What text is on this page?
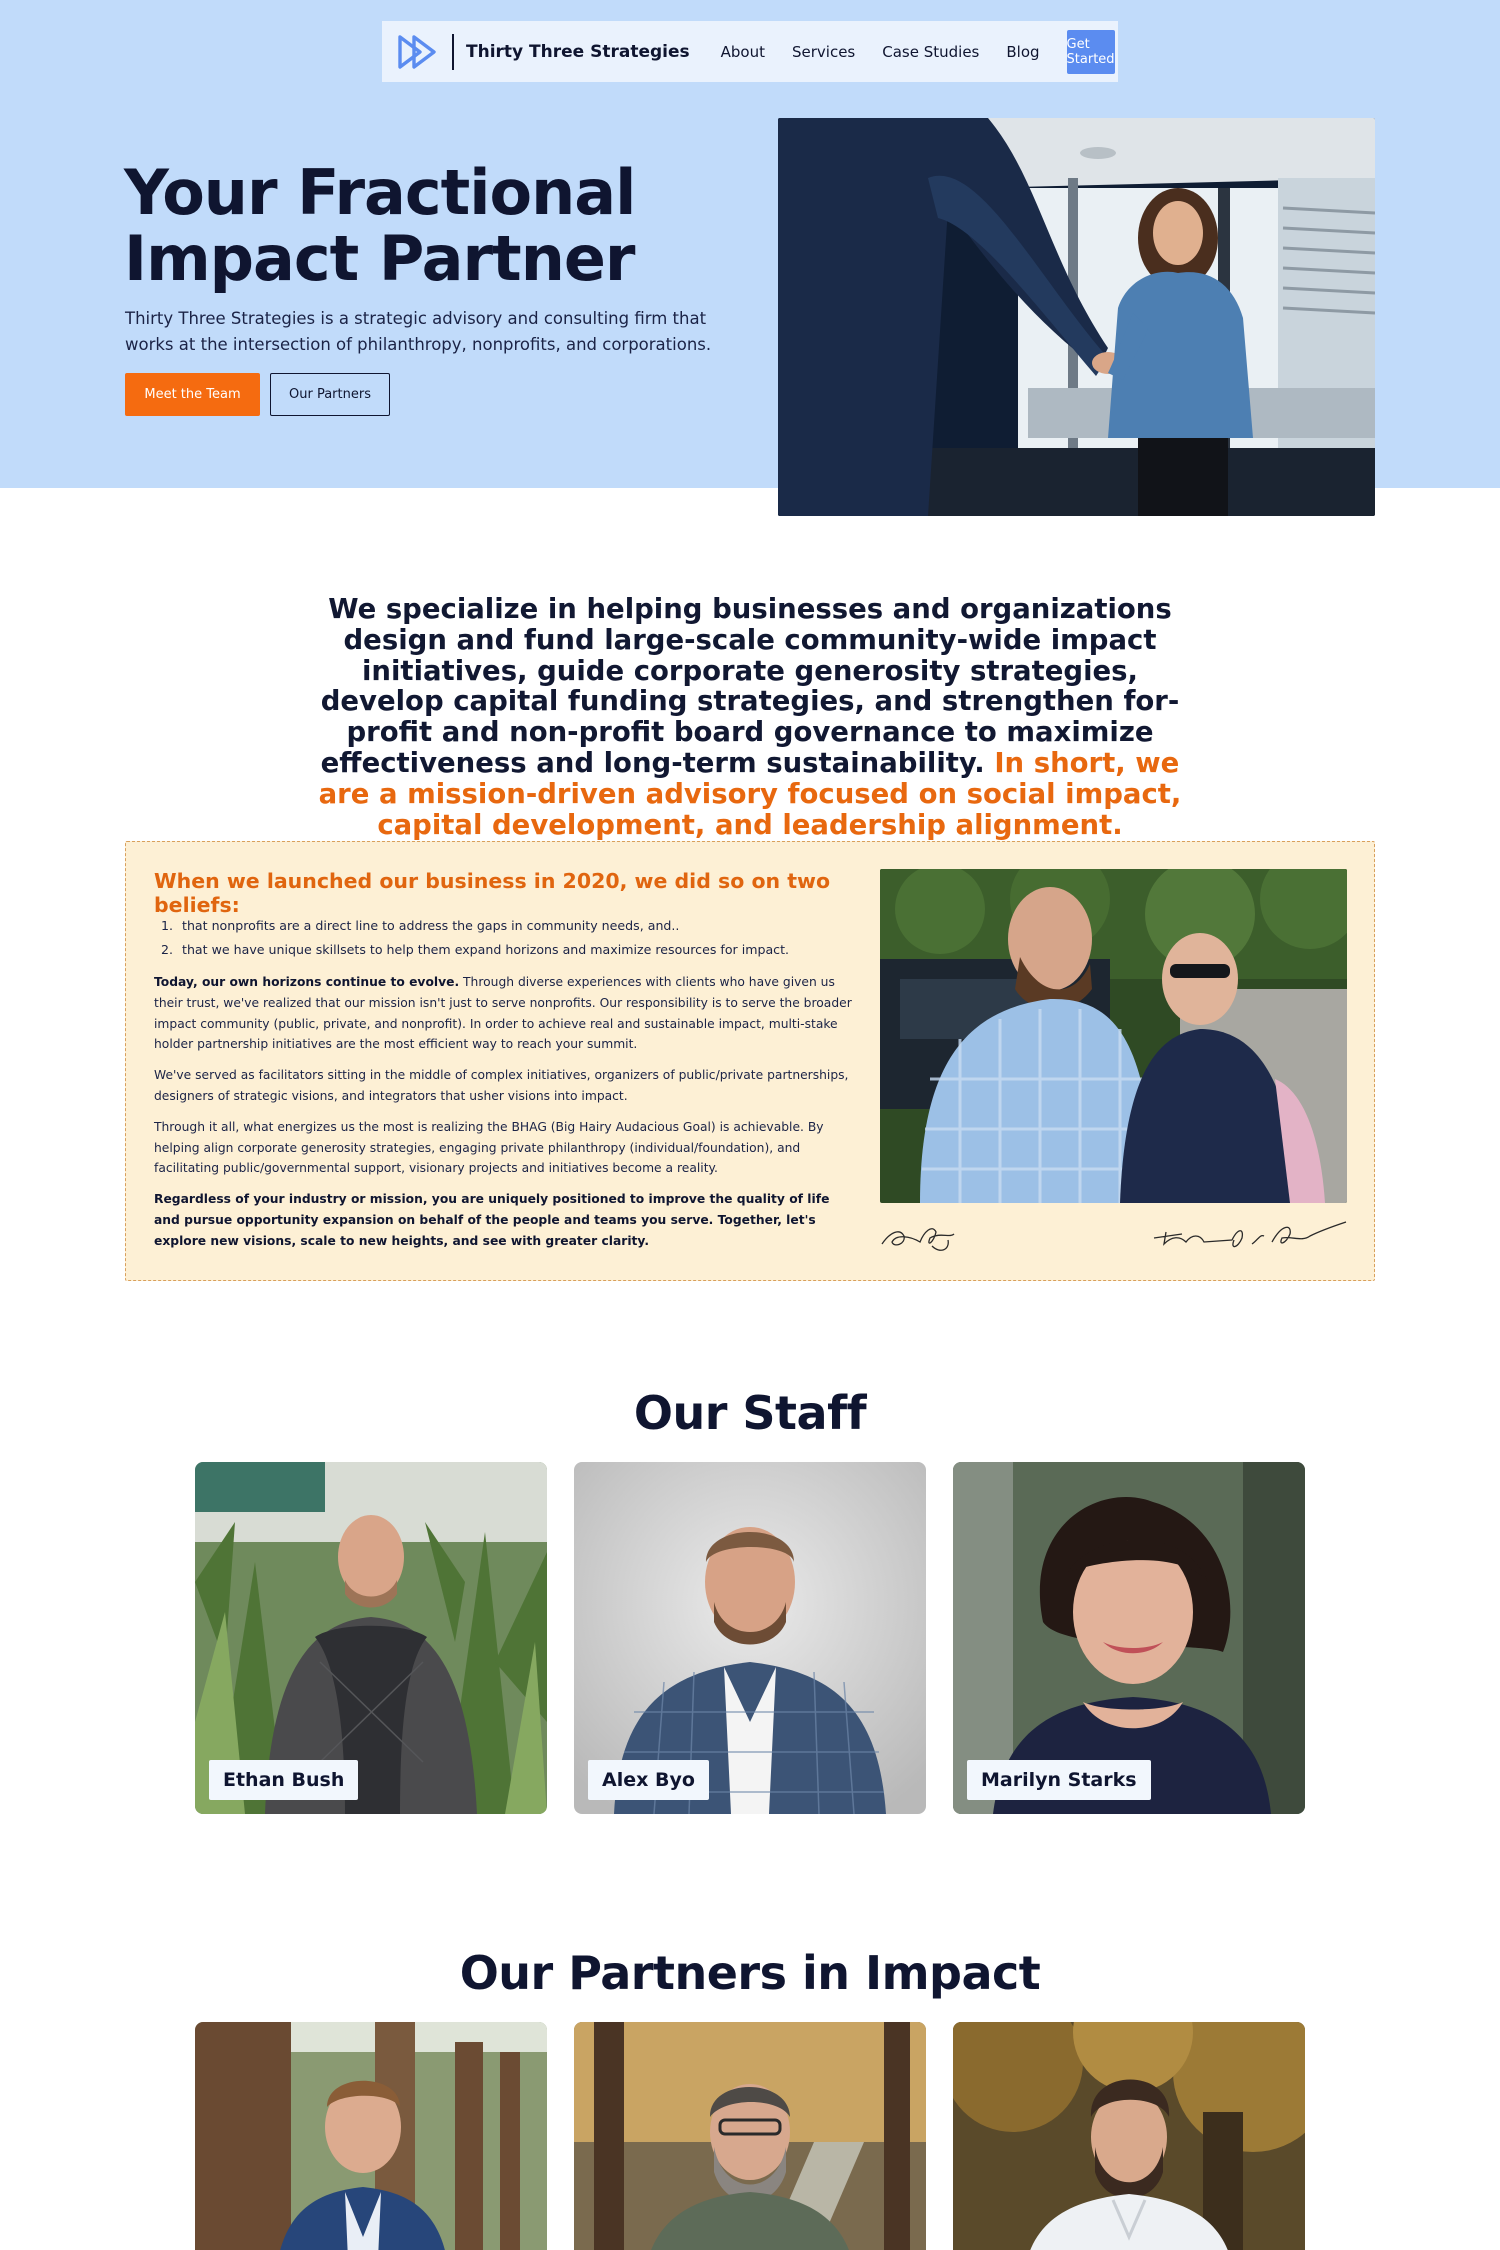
Thirty Three Strategies About Services Case Studies Blog Get Started
Your Fractional Impact Partner

Thirty Three Strategies is a strategic advisory and consulting firm that works at the intersection of philanthropy, nonprofits, and corporations.

Meet the Team	Our Partners

We specialize in helping businesses and organizations design and fund large-scale community-wide impact initiatives, guide corporate generosity strategies, develop capital funding strategies, and strengthen for-profit and non-profit board governance to maximize effectiveness and long-term sustainability. In short, we are a mission-driven advisory focused on social impact, capital development, and leadership alignment.

When we launched our business in 2020, we did so on two beliefs:
1. that nonprofits are a direct line to address the gaps in community needs, and..
2. that we have unique skillsets to help them expand horizons and maximize resources for impact.

Today, our own horizons continue to evolve. Through diverse experiences with clients who have given us their trust, we've realized that our mission isn't just to serve nonprofits. Our responsibility is to serve the broader impact community (public, private, and nonprofit). In order to achieve real and sustainable impact, multi-stake holder partnership initiatives are the most efficient way to reach your summit.

We've served as facilitators sitting in the middle of complex initiatives, organizers of public/private partnerships, designers of strategic visions, and integrators that usher visions into impact.

Through it all, what energizes us the most is realizing the BHAG (Big Hairy Audacious Goal) is achievable. By helping align corporate generosity strategies, engaging private philanthropy (individual/foundation), and facilitating public/governmental support, visionary projects and initiatives become a reality.

Regardless of your industry or mission, you are uniquely positioned to improve the quality of life and pursue opportunity expansion on behalf of the people and teams you serve. Together, let's explore new visions, scale to new heights, and see with greater clarity.

Our Staff
Ethan Bush	Alex Byo	Marilyn Starks
Our Partners in Impact
